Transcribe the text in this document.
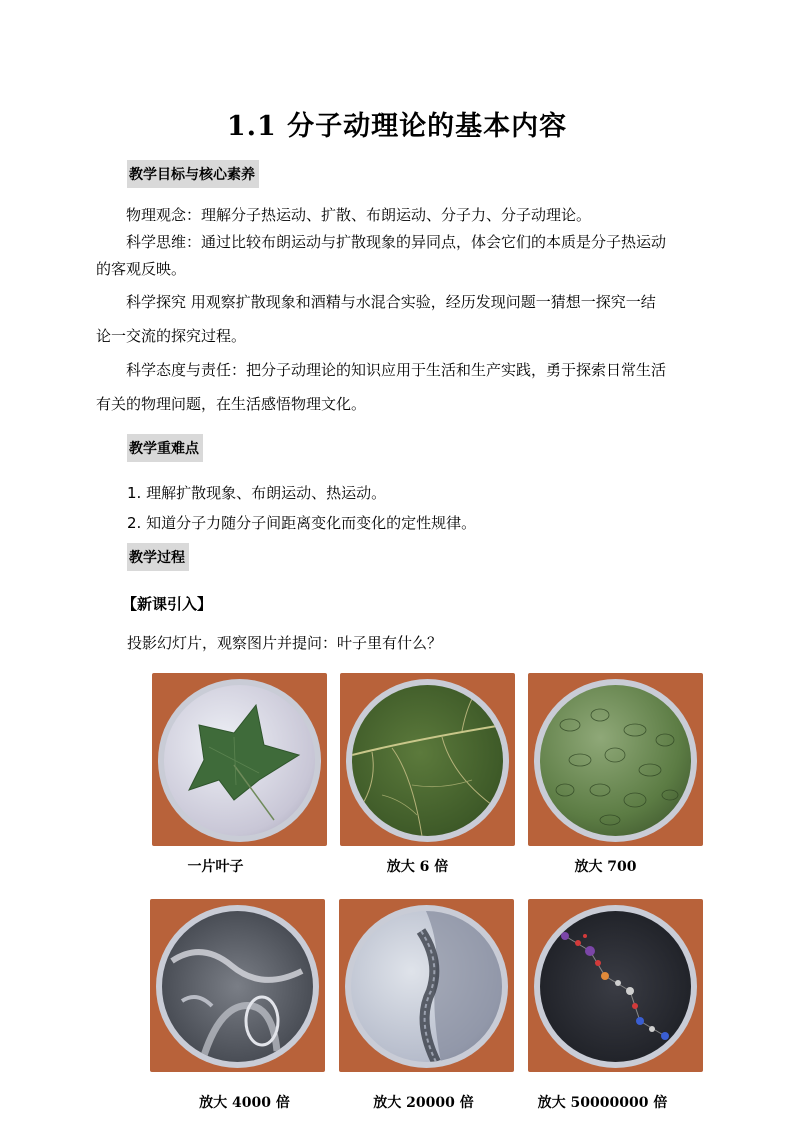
1.1 分子动理论的基本内容
教学目标与核心素养
物理观念：理解分子热运动、扩散、布朗运动、分子力、分子动理论。
科学思维：通过比较布朗运动与扩散现象的异同点，体会它们的本质是分子热运动
的客观反映。
科学探究 用观察扩散现象和酒精与水混合实验，经历发现问题一猜想一探究一结
论一交流的探究过程。
科学态度与责任：把分子动理论的知识应用于生活和生产实践，勇于探索日常生活
有关的物理问题，在生活感悟物理文化。
教学重难点
1. 理解扩散现象、布朗运动、热运动。
2. 知道分子力随分子间距离变化而变化的定性规律。
教学过程
【新课引入】
投影幻灯片，观察图片并提问：叶子里有什么？
一片叶子	放大 6 倍	放大 700
放大 4000 倍	放大 20000 倍	放大 50000000 倍
